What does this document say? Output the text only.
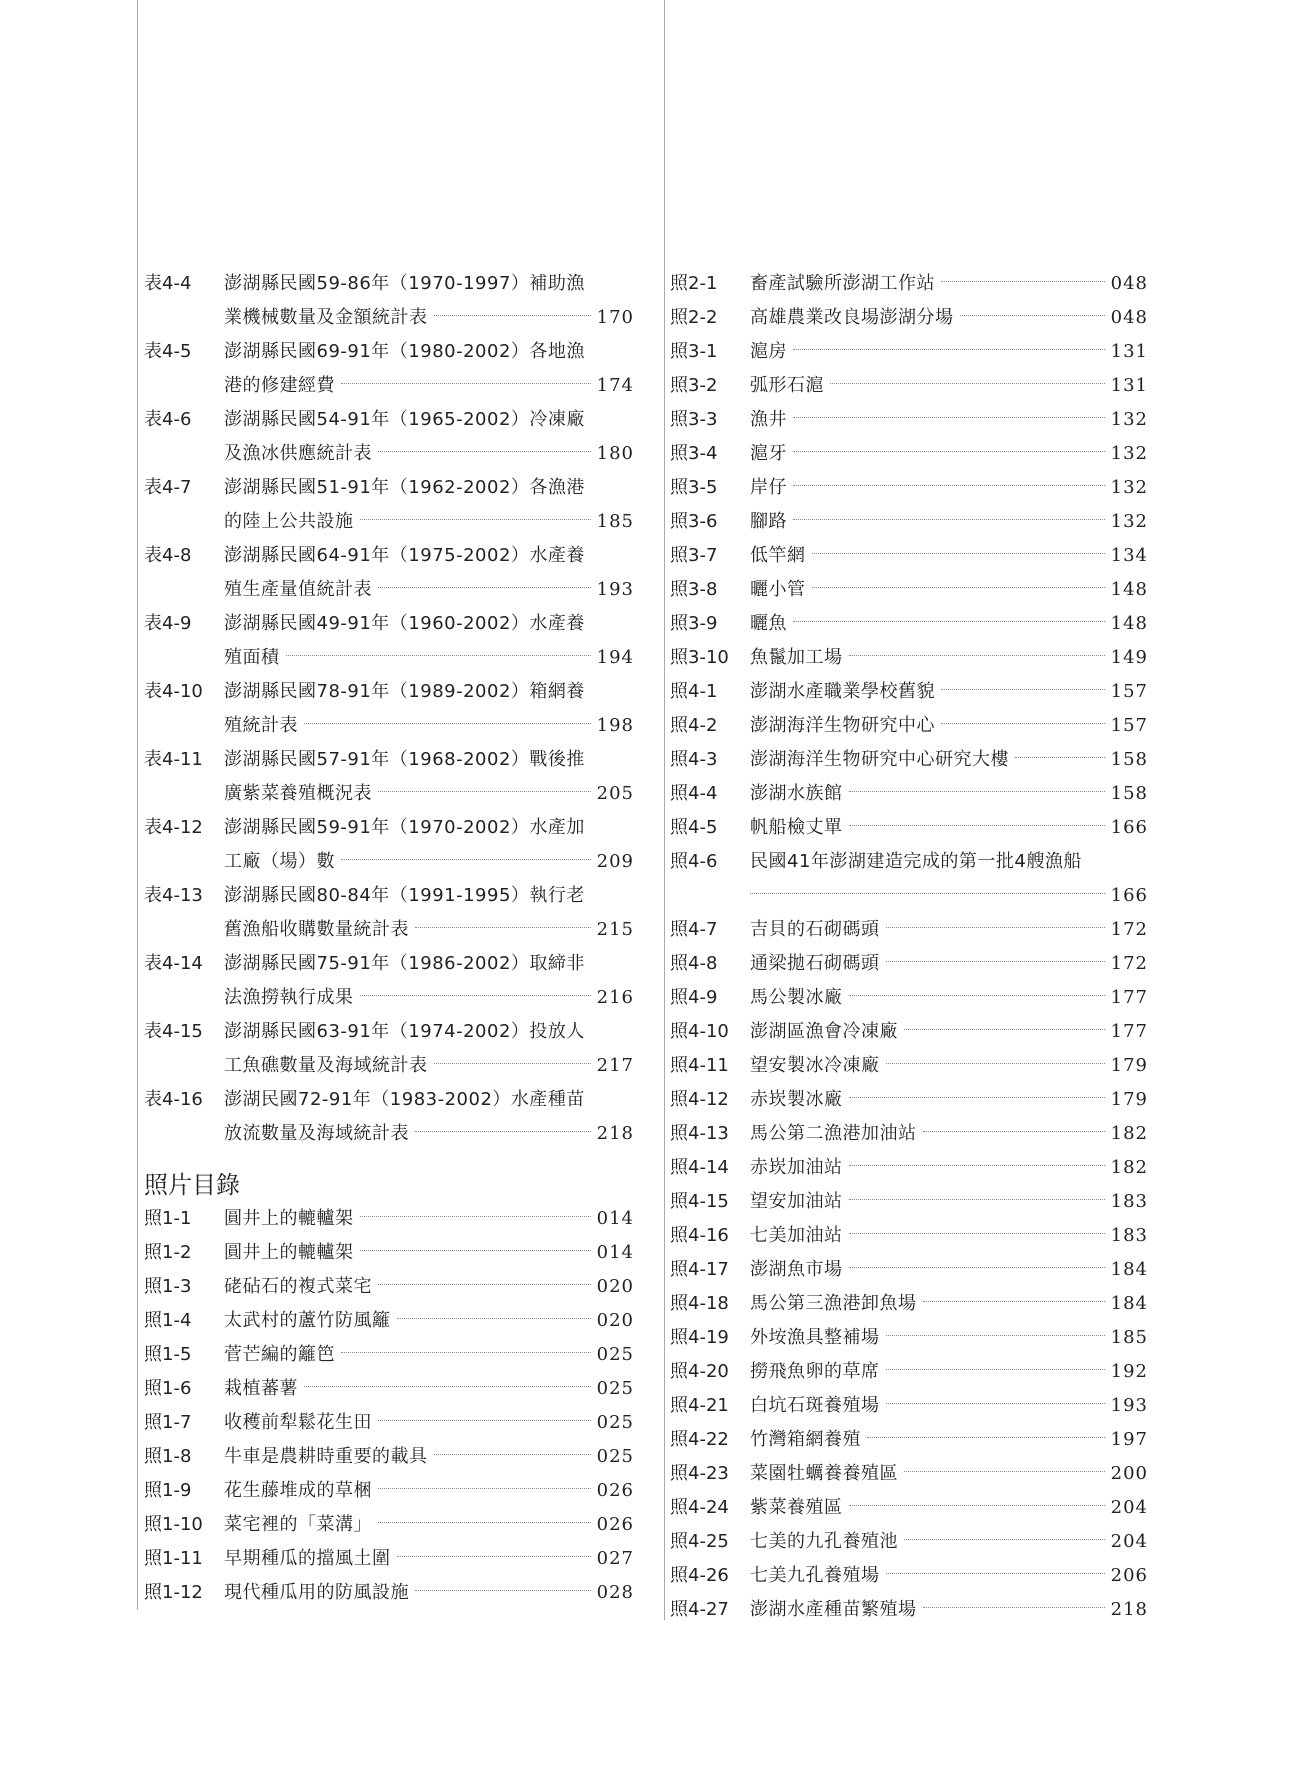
表4-4	澎湖縣民國59-86年（1970-1997）補助漁
業機械數量及金額統計表	170
表4-5	澎湖縣民國69-91年（1980-2002）各地漁
港的修建經費	174
表4-6	澎湖縣民國54-91年（1965-2002）冷凍廠
及漁冰供應統計表	180
表4-7	澎湖縣民國51-91年（1962-2002）各漁港
的陸上公共設施	185
表4-8	澎湖縣民國64-91年（1975-2002）水產養
殖生產量值統計表	193
表4-9	澎湖縣民國49-91年（1960-2002）水產養
殖面積	194
表4-10	澎湖縣民國78-91年（1989-2002）箱網養
殖統計表	198
表4-11	澎湖縣民國57-91年（1968-2002）戰後推
廣紫菜養殖概況表	205
表4-12	澎湖縣民國59-91年（1970-2002）水產加
工廠（場）數	209
表4-13	澎湖縣民國80-84年（1991-1995）執行老
舊漁船收購數量統計表	215
表4-14	澎湖縣民國75-91年（1986-2002）取締非
法漁撈執行成果	216
表4-15	澎湖縣民國63-91年（1974-2002）投放人
工魚礁數量及海域統計表	217
表4-16	澎湖民國72-91年（1983-2002）水產種苗
放流數量及海域統計表	218
照片目錄
照1-1	圓井上的轆轤架	014
照1-2	圓井上的轆轤架	014
照1-3	硓砧石的複式菜宅	020
照1-4	太武村的蘆竹防風籬	020
照1-5	菅芒編的籬笆	025
照1-6	栽植蕃薯	025
照1-7	收穫前犁鬆花生田	025
照1-8	牛車是農耕時重要的載具	025
照1-9	花生藤堆成的草梱	026
照1-10	菜宅裡的「菜溝」	026
照1-11	早期種瓜的擋風土圍	027
照1-12	現代種瓜用的防風設施	028
照2-1	畜產試驗所澎湖工作站	048
照2-2	高雄農業改良場澎湖分場	048
照3-1	滬房	131
照3-2	弧形石滬	131
照3-3	漁井	132
照3-4	滬牙	132
照3-5	岸仔	132
照3-6	腳路	132
照3-7	低竿網	134
照3-8	曬小管	148
照3-9	曬魚	148
照3-10	魚鬣加工場	149
照4-1	澎湖水產職業學校舊貌	157
照4-2	澎湖海洋生物研究中心	157
照4-3	澎湖海洋生物研究中心研究大樓	158
照4-4	澎湖水族館	158
照4-5	帆船檢丈單	166
照4-6	民國41年澎湖建造完成的第一批4艘漁船
166
照4-7	吉貝的石砌碼頭	172
照4-8	通梁拋石砌碼頭	172
照4-9	馬公製冰廠	177
照4-10	澎湖區漁會冷凍廠	177
照4-11	望安製冰冷凍廠	179
照4-12	赤崁製冰廠	179
照4-13	馬公第二漁港加油站	182
照4-14	赤崁加油站	182
照4-15	望安加油站	183
照4-16	七美加油站	183
照4-17	澎湖魚市場	184
照4-18	馬公第三漁港卸魚場	184
照4-19	外垵漁具整補場	185
照4-20	撈飛魚卵的草席	192
照4-21	白坑石斑養殖場	193
照4-22	竹灣箱網養殖	197
照4-23	菜園牡蠣養養殖區	200
照4-24	紫菜養殖區	204
照4-25	七美的九孔養殖池	204
照4-26	七美九孔養殖場	206
照4-27	澎湖水產種苗繁殖場	218
